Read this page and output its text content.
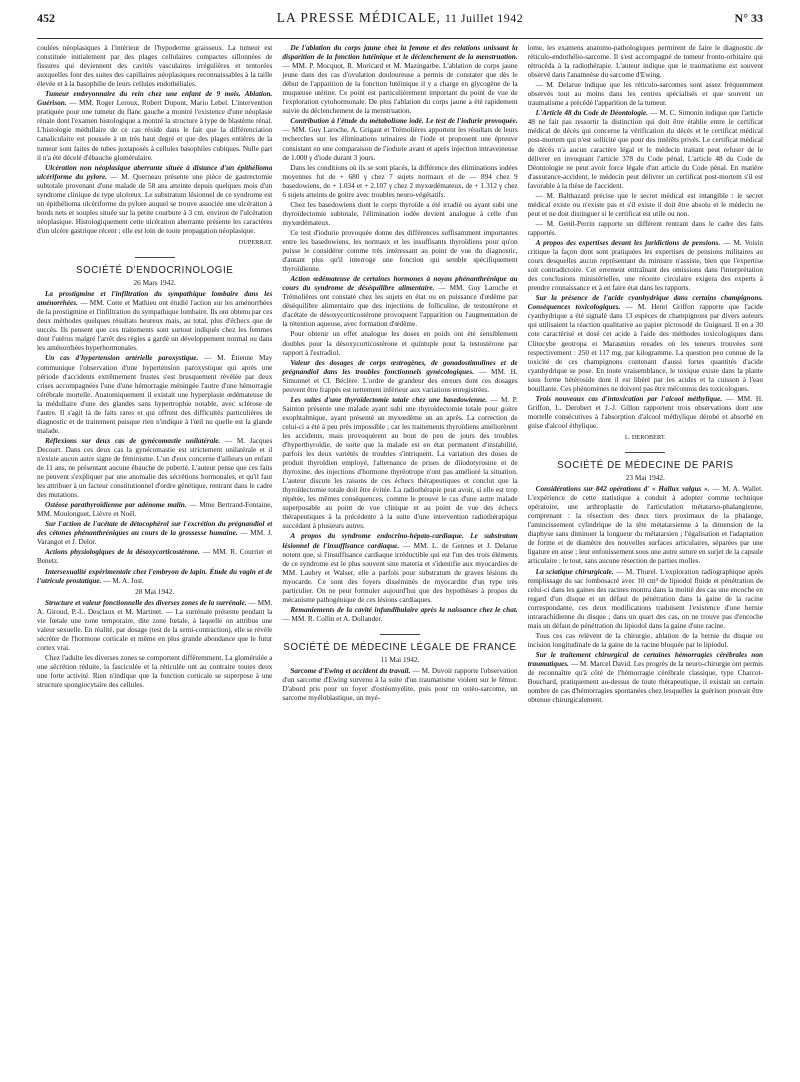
452	LA PRESSE MÉDICALE, 11 Juillet 1942	N° 33

coulées néoplasiques à l'intérieur de l'hypoderme graisseux. La tumeur est constituée initialement par des plages cellulaires compactes sillonnées de fissures qui deviennent des cavités vasculaires irrégulières et tentorées auxquelles font des suites des capillaires néoplasiques reconnaissables à la taille élevée et à la basophilie de leurs cellules endothéliales.

Tumeur embryonnaire du rein chez une enfant de 9 mois. Ablation. Guérison. — MM. Roger Leroux, Robert Dupont, Mario Lebel. L'intervention pratiquée pour une tumeur du flanc gauche a montré l'existence d'une néoplasie rénale dont l'examen histologique a montré la structure à type de blastème rénal. L'histologie médullaire de ce cas réside dans le fait que la différenciation canaliculaire est poussée à un très haut degré et que des plages entières de la tumeur sont faites de tubes juxtaposés à cellules basophiles cubiques. Nulle part il n'a été décelé d'ébauche glomérulaire.

Ulcération non néoplasique aberrante située à distance d'un épithélioma ulcériforme du pylore. — M. Querneau présente une pièce de gastrectomie subtotale provenant d'une malade de 58 ans atteinte depuis quelques mois d'un syndrome clinique de type ulcéreux. Le substratum lésionnel de ce syndrome est un épithélioma ulcériforme du pylore auquel se trouve associée une ulcération à bords nets et souples située sur la petite courbure à 3 cm. environ de l'ulcération néoplasique. Histologiquement cette ulcération aberrante présente les caractères d'un ulcère gastrique récent ; elle est loin de toute propagation néoplasique.

DUPERRAT.
SOCIÉTÉ D'ENDOCRINOLOGIE
26 Mars 1942.

La prostigmine et l'infiltration du sympathique lombaire dans les aménorrhées. — MM. Cotte et Mathieu ont étudié l'action sur les aménorrhées de la prostigmine et l'infiltration du sympathique lombaire. Ils ont obtenu par ces deux méthodes quelques résultats heureux mais, au total, plus d'échecs que de succès. Ils pensent que ces traitements sont surtout indiqués chez les femmes dont l'utérus malgré l'arrêt des règles a gardé un développement normal ou dans les aménorrhées hyperhormonales.

Un cas d'hypertension artérielle paroxystique. — M. Étienne May communique l'observation d'une hypertension paroxystique qui après une période d'accidents extrêmement frustes s'est brusquement révélée par deux crises accompagnées l'une d'une hémorragie méningée l'autre d'une hémorragie cérébrale mortelle. Anatomiquement il existait une hyperplasie œdémateuse de la médullaire d'une des glandes sans hypertrophie notable, avec sclérose de l'autre. Il s'agit là de faits rares et qui offrent des difficultés particulières de diagnostic et de traitement puisque rien n'indique à l'œil nu quelle est la glande malade.

Réflexions sur deux cas de gynécomastie unilatérale. — M. Jacques Decourt. Dans ces deux cas la gynécomastie est strictement unilatérale et il n'existe aucun autre signe de féminisme. L'un d'eux concerne d'ailleurs un enfant de 11 ans, ne présentant aucune ébauche de puberté. L'auteur pense que ces faits ne peuvent s'expliquer par une anomalie des sécrétions hormonales, et qu'il faut les attribuer à un facteur constitutionnel d'ordre génétique, rentrant dans le cadre des mutations.

Ostéose parathyroïdienne par adénome malin. — Mme Bertrand-Fontaine, MM. Moulonguet, Lièvre et Noël.

Sur l'action de l'acétate de détocophérol sur l'excrétion du prégnandiol et des cétones phénanthréniques au cours de la grossesse humaine. — MM. J. Varangot et J. Delor.

Actions physiologiques de la désoxycorticostérone. — MM. R. Courrier et Benetz.

Intersexualité expérimentale chez l'embryon de lapin. Étude du vagin et de l'utricule prostatique. — M. A. Jost.

28 Mai 1942.

Structure et valeur fonctionnelle des diverses zones de la surrénale. — MM. A. Giroud, P.-L. Desclaux et M. Martinet. — La surrénale présente pendant la vie fœtale une zone temporaire, dite zone fœtale, à laquelle on attribue une valeur sexuelle. En réalité, par dosage (test de la semi-contraction), elle se révèle sécréter de l'hormone corticale et même en plus grande abondance que le futur cortex vrai.

Chez l'adulte les diverses zones se comportent différemment. La glomérulée a une sécrétion réduite, la fasciculée et la réticulée ont au contraire toutes deux une forte activité. Rien n'indique que la fonction corticale se superpose à une structure spongiocytaire des cellules.

De l'ablation du corps jaune chez la femme et des relations unissant la disparition de la fonction lutéinique et le déclenchement de la menstruation. — MM. P. Mocquot, R. Moricard et M. Mazingarbe. L'ablation de corps jaune jeune dans des cas d'ovulation douloureuse a permis de constater que dès le début de l'apparition de la fonction lutéinique il y a charge en glycogène de la muqueuse utérine. Ce point est particulièrement important du point de vue de l'exploration cytohormonale. De plus l'ablation du corps jaune a été rapidement suivie du déclenchement de la menstruation.

Contribution à l'étude du métabolisme iodé. Le test de l'iodurie provoquée. — MM. Guy Laroche, A. Grigaut et Trémolières apportent les résultats de leurs recherches sur les éliminations urinaires de l'iode et proposent une épreuve consistant en une comparaison de l'iodurie avant et après injection intraveineuse de 1.000 γ d'iode durant 3 jours.

Dans les conditions où ils se sont placés, la différence des éliminations iodées moyennes fut de + 680 γ chez 7 sujets normaux et de — 894 chez 9 basedowiens, de + 1.034 et + 2.107 γ chez 2 myxœdémateux, de + 1.312 γ chez 6 sujets atteints de goitre avec troubles neuro-végétatifs.

Chez les basedowiens dont le corps thyroïde a été irradié ou ayant subi une thyroïdectomie subtotale, l'élimination iodée devient analogue à celle d'un myxœdémateux.

Ce test d'iodurie provoquée donne des différences suffisamment importantes entre les basedowiens, les normaux et les insuffisants thyroïdiens pour qu'on puisse le considérer comme très intéressant au point de vue du diagnostic, d'autant plus qu'il interroge une fonction qui semble spécifiquement thyroïdienne.

Action œdémateuse de certaines hormones à noyau phénanthrénique au cours du syndrome de déséquilibre alimentaire. — MM. Guy Laroche et Trémolières ont constaté chez les sujets en état ou en puissance d'œdème par déséquilibre alimentaire que des injections de folliculine, de testostérone et d'acétate de désoxycorticostérone provoquent l'apparition ou l'augmentation de la rétention aqueuse, avec formation d'œdème.

Pour obtenir un effet analogue les doses en poids ont été sensiblement doubles pour la désoxycorticostérone et quintuple pour la testostérone par rapport à l'estradiol.

Valeur des dosages de corps œstrogènes, de gonadostimulines et de prégnandiol dans les troubles fonctionnels gynécologiques. — MM. H. Simonnet et Cl. Béclère. L'ordre de grandeur des erreurs dont ces dosages peuvent être frappés est nettement inférieur aux variations enregistrées.

Les suites d'une thyroïdectomie totale chez une basedowienne. — M. P. Sainton présente une malade ayant subi une thyroïdectomie totale pour goitre exophtalmique, ayant présenté un myxœdème un an après. La correction de celui-ci a été à peu près impossible ; car les traitements thyroïdiens améliorèrent les accidents, mais provoquèrent au bout de peu de jours des troubles d'hyperthyroïdie, de sorte que la malade est en état permanent d'instabilité, parfois les deux variétés de troubles s'intriquent. La variation des doses de produit thyroïdien employé, l'alternance de prises de diïodotyrosine et de thyroxine, des injections d'hormone thyréotrope n'ont pas amélioré la situation. L'auteur discute les raisons de ces échecs thérapeutiques et conclut que la thyroïdectomie totale doit être évitée. La radiothérapie peut avoir, si elle est trop répétée, les mêmes conséquences, comme le prouve le cas d'une autre malade superposable au point de vue clinique et au point de vue des échecs thérapeutiques à la précédente à la suite d'une intervention radiothérapique succédant à plusieurs autres.

A propos du syndrome endocrino-hépato-cardiaque. Le substratum lésionnel de l'insuffisance cardiaque. — MM. L. de Gennes et J. Delarue notent que, si l'insuffisance cardiaque irréductible qui est l'un des trois éléments de ce syndrome est le plus souvent sine materia et s'identifie aux myocardies de MM. Laubry et Walser, elle a parfois pour substratum de graves lésions du myocarde. Ce sont des foyers disséminés de myocardite d'un type très particulier. On ne peut formuler aujourd'hui que des hypothèses à propos du mécanisme pathogénique de ces lésions cardiaques.

Remaniements de la cavité infundibulaire après la naissance chez le chat. — MM. R. Collin et A. Dollander.

SOCIÉTÉ DE MÉDECINE LÉGALE DE FRANCE
11 Mai 1942.

Sarcome d'Ewing et accident du travail. — M. Duvoir rapporte l'observation d'un sarcome d'Ewing survenu à la suite d'un traumatisme violent sur le fémur. D'abord pris pour un foyer d'ostéomyélite, puis pour un ostéo-sarcome, un sarcome myéloblastique, un myé-

lome, les examens anatomo-pathologiques permirent de faire le diagnostic de réticulo-endothélio-sarcome. Il s'est accompagné de tumeur fronto-orbitaire qui rétrocéda à la radiothérapie. L'auteur indique que le traumatisme est souvent observé dans l'anamnèse du sarcome d'Ewing.

— M. Delarue indique que les réticulo-sarcomes sont assez fréquemment observés tout au moins dans les centres spécialisés et que souvent un traumatisme a précédé l'apparition de la tumeur.

L'Article 48 du Code de Déontologie. — M. C. Simonin indique que l'article 48 ne fait pas ressortir la distinction qui doit être établie entre le certificat médical de décès qui concerne la vérification du décès et le certificat médical post-mortem qui n'est sollicité que pour des intérêts privés. Le certificat médical de décès n'a aucun caractère légal et le médecin traitant peut refuser de le délivrer en invoquant l'article 378 du Code pénal. L'article 48 du Code de Déontologie ne peut avoir force légale d'un article du Code pénal. En matière d'assurance-accident, le médecin peut délivrer un certificat post-mortem s'il est favorable à la thèse de l'accident.

— M. Balthazard précise que le secret médical est intangible : le secret médical existe ou n'existe pas et s'il existe il doit être absolu et le médecin ne peut et ne doit distinguer si le certificat est utile ou non.

— M. Genil-Perrin rapporte un différent rentrant dans le cadre des faits rapportés.

A propos des expertises devant les juridictions de pensions. — M. Voisin critique la façon dont sont pratiquées les expertises de pensions militaires au cours desquelles aucun représentant du ministre n'assiste, bien que l'expertise soit contradictoire. Cet errement entraînant des omissions dans l'interprétation des conclusions ministérielles, une récente circulaire exigera des experts à prendre connaissance et à en faire état dans les rapports.

Sur la présence de l'acide cyanhydrique dans certains champignons. Conséquences toxicologiques. — M. Henri Griffon rapporte que l'acide cyanhydrique a été signalé dans 13 espèces de champignons par divers auteurs qui utilisaient la réaction qualitative au papier picrosodé de Guignard. Il en a 30 cote caractérisé et dosé cet acide à l'aide des méthodes toxicologiques dans Clitocybe geotropa et Marasmius oreades où les teneurs trouvées sont respectivement : 250 et 117 mg. par kilogramme. La question peu connue de la toxicité de ces champignons contenant d'aussi fortes quantités d'acide cyanhydrique se pose. En toute vraisemblance, le toxique existe dans la plante sous forme hétéroside dont il est libéré par les acides et la cuisson à l'eau bouillante. Ces phénomènes ne doivent pas être méconnus des toxicologues.

Trois nouveaux cas d'intoxication par l'alcool méthylique. — MM. H. Griffon, L. Derobert et J.-J. Gillon rapportent trois observations dont une mortelle consécutives à l'absorption d'alcool méthylique dérobé et absorbé en guise d'alcool éthylique.

L. DEROBERT.
SOCIÉTÉ DE MÉDECINE DE PARIS
23 Mai 1942.

Considérations sur 842 opérations d' « Hallux valgus ». — M. A. Wallet. L'expérience de cette statistique a conduit à adopter comme technique opératoire, une arthroplastie de l'articulation métatarso-phalangienne, comprenant : la résection des deux tiers proximaux de la phalange, l'amincissement cylindrique de la tête métatarsienne à la dimension de la diaphyse sans diminuer la longueur du métatarsien ; l'égalisation et l'adaptation de forme et de diamètre des nouvelles surfaces articulaires, séparées par une ligature en anse ; leur enfouissement sous une autre suture en surjet de la capsule articulaire : le tout, sans aucune résection de parties molles.

La sciatique chirurgicale. — M. Thurel. L'exploration radiographique après remplissage du sac lombosacré avec 10 cm³ de lipiodol fluide et pénétration de celui-ci dans les gaines des racines montra dans la moitié des cas une encoche en regard d'un disque et un défaut de pénétration dans la gaine de la racine correspondante, ces deux modifications traduisent l'existence d'une hernie intrarachidienne du disque ; dans un quart des cas, on ne trouve pas d'encoche mais un défaut de pénétration du lipiodol dans la gaine d'une racine.

Tous ces cas relèvent de la chirurgie, ablation de la hernie du disque ou incision longitudinale de la gaine de la racine bloquée par le lipiodol.

Sur le traitement chirurgical de certaines hémorragies cérébrales non traumatiques. — M. Marcel David. Les progrès de la neuro-chirurgie ont permis de reconnaître qu'à côté de l'hémorragie cérébrale classique, type Charcot-Bouchard, pratiquement au-dessus de toute thérapeutique, il existait un certain nombre de cas d'hémorragies spontanées chez lesquelles la guérison pouvait être obtenue chirurgicalement.
